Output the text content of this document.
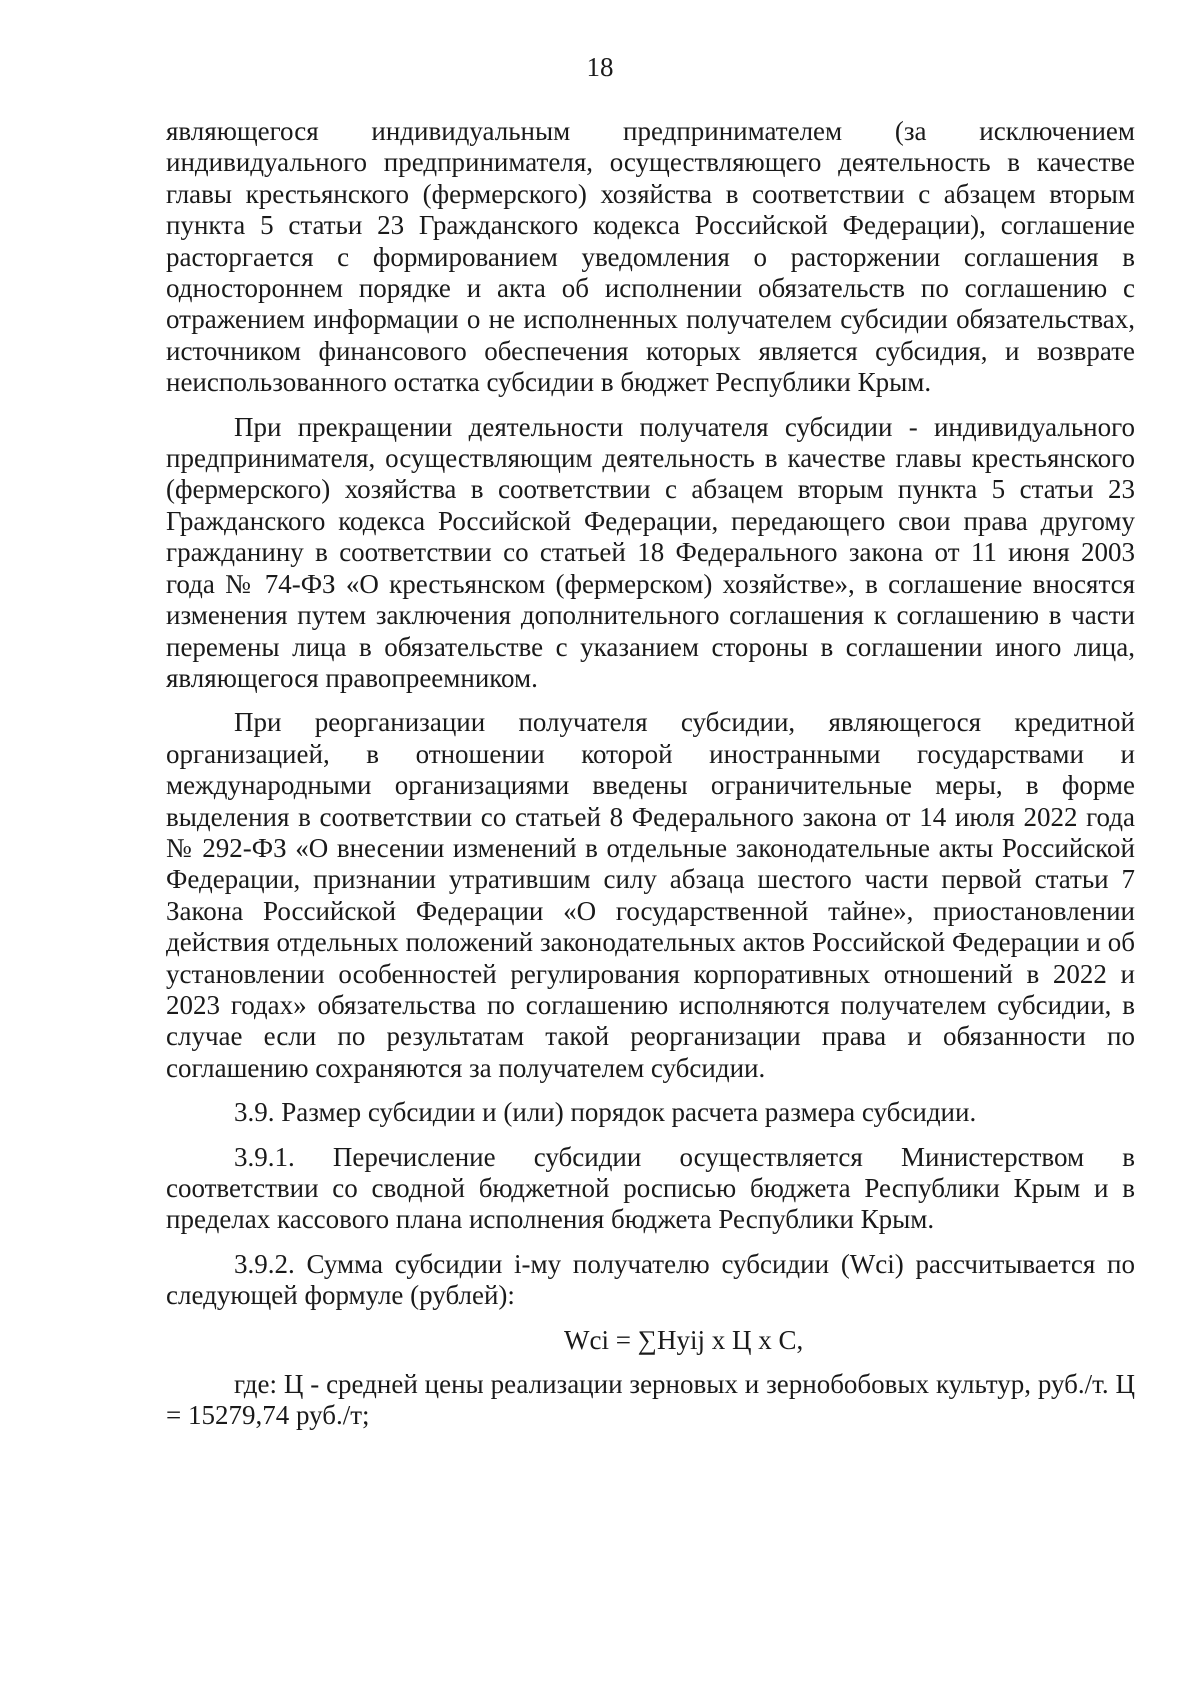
18

являющегося индивидуальным предпринимателем (за исключением индивидуального предпринимателя, осуществляющего деятельность в качестве главы крестьянского (фермерского) хозяйства в соответствии с абзацем вторым пункта 5 статьи 23 Гражданского кодекса Российской Федерации), соглашение расторгается с формированием уведомления о расторжении соглашения в одностороннем порядке и акта об исполнении обязательств по соглашению с отражением информации о не исполненных получателем субсидии обязательствах, источником финансового обеспечения которых является субсидия, и возврате неиспользованного остатка субсидии в бюджет Республики Крым.

При прекращении деятельности получателя субсидии - индивидуального предпринимателя, осуществляющим деятельность в качестве главы крестьянского (фермерского) хозяйства в соответствии с абзацем вторым пункта 5 статьи 23 Гражданского кодекса Российской Федерации, передающего свои права другому гражданину в соответствии со статьей 18 Федерального закона от 11 июня 2003 года № 74-ФЗ «О крестьянском (фермерском) хозяйстве», в соглашение вносятся изменения путем заключения дополнительного соглашения к соглашению в части перемены лица в обязательстве с указанием стороны в соглашении иного лица, являющегося правопреемником.

При реорганизации получателя субсидии, являющегося кредитной организацией, в отношении которой иностранными государствами и международными организациями введены ограничительные меры, в форме выделения в соответствии со статьей 8 Федерального закона от 14 июля 2022 года № 292-ФЗ «О внесении изменений в отдельные законодательные акты Российской Федерации, признании утратившим силу абзаца шестого части первой статьи 7 Закона Российской Федерации «О государственной тайне», приостановлении действия отдельных положений законодательных актов Российской Федерации и об установлении особенностей регулирования корпоративных отношений в 2022 и 2023 годах» обязательства по соглашению исполняются получателем субсидии, в случае если по результатам такой реорганизации права и обязанности по соглашению сохраняются за получателем субсидии.

3.9. Размер субсидии и (или) порядок расчета размера субсидии.

3.9.1. Перечисление субсидии осуществляется Министерством в соответствии со сводной бюджетной росписью бюджета Республики Крым и в пределах кассового плана исполнения бюджета Республики Крым.

3.9.2. Сумма субсидии i-му получателю субсидии (Wci) рассчитывается по следующей формуле (рублей):

Wci = ∑Hyij x Ц x С,

где: Ц - средней цены реализации зерновых и зернобобовых культур, руб./т. Ц = 15279,74 руб./т;
